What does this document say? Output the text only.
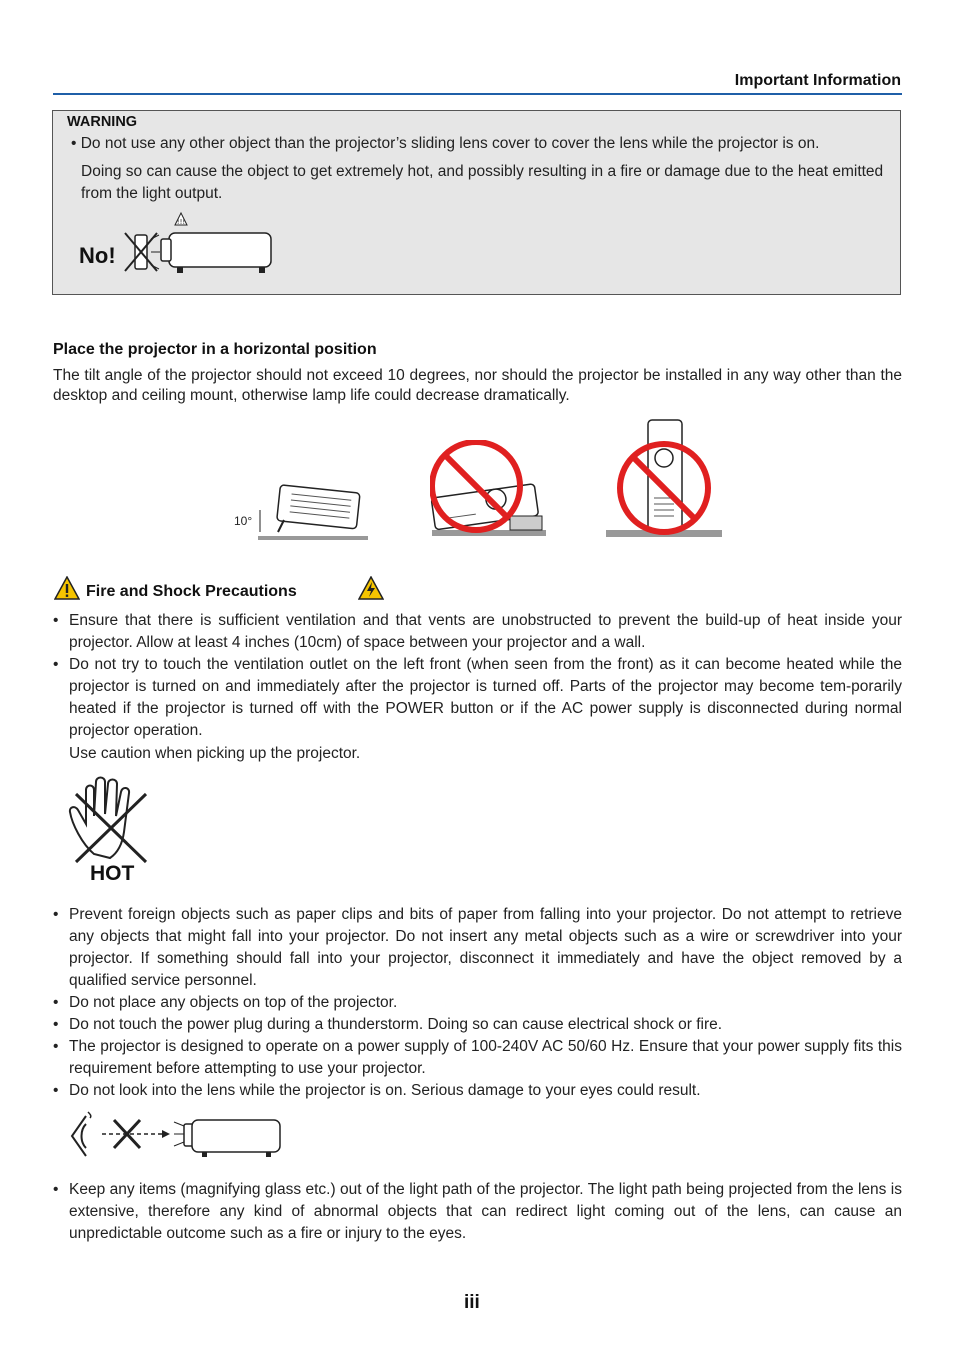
Important Information
WARNING
• Do not use any other object than the projector’s sliding lens cover to cover the lens while the projector is on.
Doing so can cause the object to get extremely hot, and possibly resulting in a fire or damage due to the heat emitted from the light output.
No!
!!!
Place the projector in a horizontal position

The tilt angle of the projector should not exceed 10 degrees, nor should the projector be installed in any way other than the desktop and ceiling mount, otherwise lamp life could decrease dramatically.

10°
Fire and Shock Precautions
• Ensure that there is sufficient ventilation and that vents are unobstructed to prevent the build-up of heat inside your projector. Allow at least 4 inches (10cm) of space between your projector and a wall.
• Do not try to touch the ventilation outlet on the left front (when seen from the front) as it can become heated while the projector is turned on and immediately after the projector is turned off. Parts of the projector may become tem-porarily heated if the projector is turned off with the POWER button or if the AC power supply is disconnected during normal projector operation.
Use caution when picking up the projector.
HOT
• Prevent foreign objects such as paper clips and bits of paper from falling into your projector. Do not attempt to retrieve any objects that might fall into your projector. Do not insert any metal objects such as a wire or screwdriver into your projector. If something should fall into your projector, disconnect it immediately and have the object removed by a qualified service personnel.
• Do not place any objects on top of the projector.
• Do not touch the power plug during a thunderstorm. Doing so can cause electrical shock or fire.
• The projector is designed to operate on a power supply of 100-240V AC 50/60 Hz. Ensure that your power supply fits this requirement before attempting to use your projector.
• Do not look into the lens while the projector is on. Serious damage to your eyes could result.
• Keep any items (magnifying glass etc.) out of the light path of the projector. The light path being projected from the lens is extensive, therefore any kind of abnormal objects that can redirect light coming out of the lens, can cause an unpredictable outcome such as a fire or injury to the eyes.
iii
